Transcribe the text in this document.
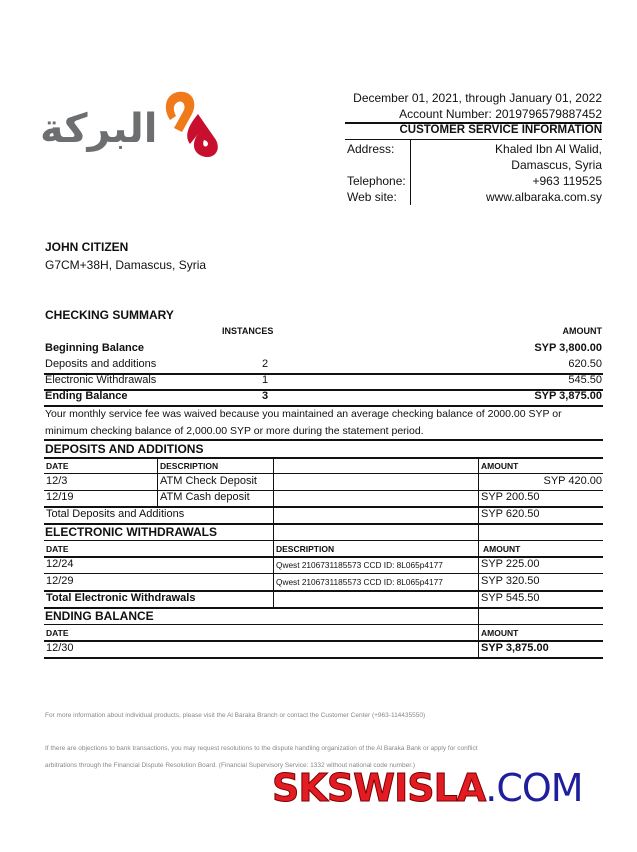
البركة
December 01, 2021, through January 01, 2022
Account Number: 2019796579887452
CUSTOMER SERVICE INFORMATION
Address:	Khaled Ibn Al Walid,
Damascus, Syria
Telephone:	+963 119525
Web site:	www.albaraka.com.sy
JOHN CITIZEN
G7CM+38H, Damascus, Syria
CHECKING SUMMARY
INSTANCES	AMOUNT
Beginning Balance	SYP 3,800.00
Deposits and additions	2	620.50
Electronic Withdrawals	1	545.50
Ending Balance	3	SYP 3,875.00
Your monthly service fee was waived because you maintained an average checking balance of 2000.00 SYP or
minimum checking balance of 2,000.00 SYP or more during the statement period.
DEPOSITS AND ADDITIONS
DATE	DESCRIPTION	AMOUNT
12/3	ATM Check Deposit	SYP 420.00
12/19	ATM Cash deposit	SYP 200.50
Total Deposits and Additions	SYP 620.50
ELECTRONIC WITHDRAWALS
DATE	DESCRIPTION	AMOUNT
12/24	Qwest 2106731185573 CCD ID: 8L065p4177	SYP 225.00
12/29	Qwest 2106731185573 CCD ID: 8L065p4177	SYP 320.50
Total Electronic Withdrawals	SYP 545.50
ENDING BALANCE
DATE	AMOUNT
12/30	SYP 3,875.00
For more information about individual products, please visit the Al Baraka Branch or contact the Customer Center (+963-114435550)
If there are objections to bank transactions, you may request resolutions to the dispute handling organization of the Al Baraka Bank or apply for conflict
arbitrations through the Financial Dispute Resolution Board. (Financial Supervisory Service: 1332 without national code number.)
SKSWISLA.COM
